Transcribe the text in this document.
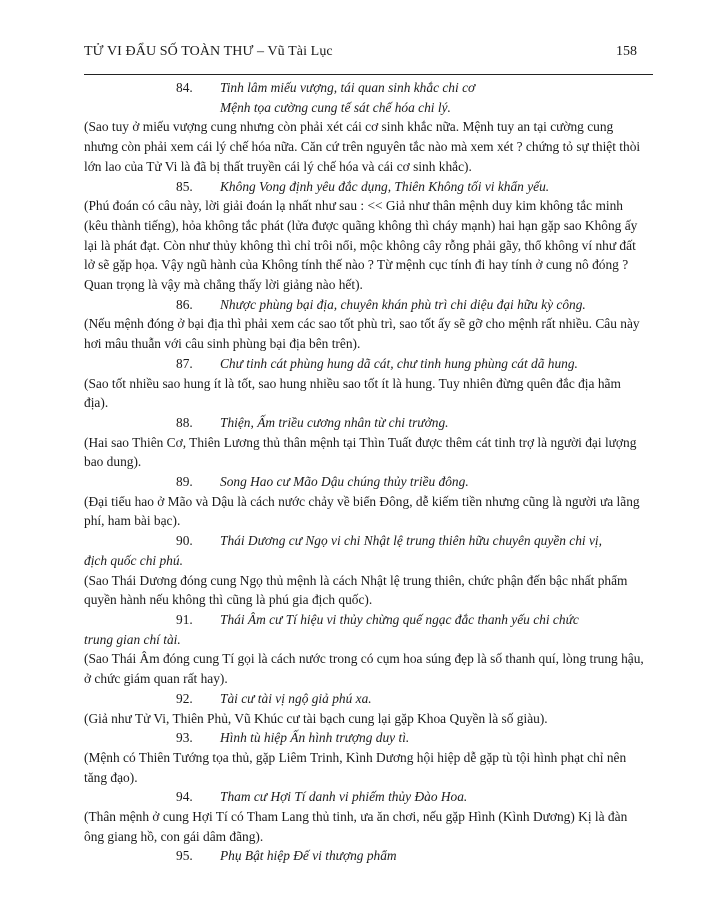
TỬ VI ĐẨU SỐ TOÀN THƯ – Vũ Tài Lục	158

84. Tinh lâm miếu vượng, tái quan sinh khắc chi cơ

Mệnh tọa cường cung tế sát chế hóa chi lý.

(Sao tuy ở miếu vượng cung nhưng còn phải xét cái cơ sinh khắc nữa. Mệnh tuy an tại cường cung nhưng còn phải xem cái lý chế hóa nữa. Căn cứ trên nguyên tắc nào mà xem xét ? chứng tỏ sự thiệt thòi lớn lao của Tử Vi là đã bị thất truyền cái lý chế hóa và cái cơ sinh khắc).

85. Không Vong định yêu đắc dụng, Thiên Không tối vi khẩn yếu.

(Phú đoán có câu này, lời giải đoán lạ nhất như sau : << Giả như thân mệnh duy kim không tắc minh (kêu thành tiếng), hỏa không tắc phát (lửa được quãng không thì cháy mạnh) hai hạn gặp sao Không ấy lại là phát đạt. Còn như thủy không thì chỉ trôi nổi, mộc không cây rỗng phải gãy, thổ không ví như đất lở sẽ gặp họa. Vậy ngũ hành của Không tính thế nào ? Từ mệnh cục tính đi hay tính ở cung nô đóng ? Quan trọng là vậy mà chẳng thấy lời giảng nào hết).

86. Nhược phùng bại địa, chuyên khán phù trì chi diệu đại hữu kỳ công.

(Nếu mệnh đóng ở bại địa thì phải xem các sao tốt phù trì, sao tốt ấy sẽ gỡ cho mệnh rất nhiều. Câu này hơi mâu thuẫn với câu sinh phùng bại địa bên trên).

87. Chư tinh cát phùng hung dã cát, chư tinh hung phùng cát dã hung.

(Sao tốt nhiều sao hung ít là tốt, sao hung nhiều sao tốt ít là hung. Tuy nhiên đừng quên đắc địa hãm địa).

88. Thiện, Ấm triều cương nhân từ chi trưởng.

(Hai sao Thiên Cơ, Thiên Lương thủ thân mệnh tại Thìn Tuất được thêm cát tinh trợ là người đại lượng bao dung).

89. Song Hao cư Mão Dậu chúng thủy triều đông.

(Đại tiểu hao ở Mão và Dậu là cách nước chảy về biển Đông, dễ kiếm tiền nhưng cũng là người ưa lãng phí, ham bài bạc).

90. Thái Dương cư Ngọ vi chi Nhật lệ trung thiên hữu chuyên quyền chi vị,

địch quốc chi phú.

(Sao Thái Dương đóng cung Ngọ thủ mệnh là cách Nhật lệ trung thiên, chức phận đến bậc nhất phẩm quyền hành nếu không thì cũng là phú gia địch quốc).

91. Thái Âm cư Tí hiệu vi thủy chừng quế ngạc đắc thanh yếu chi chức

trung gian chí tài.

(Sao Thái Âm đóng cung Tí gọi là cách nước trong có cụm hoa súng đẹp là số thanh quí, lòng trung hậu, ở chức giám quan rất hay).

92. Tài cư tài vị ngộ giả phú xa.

(Giả như Tử Vi, Thiên Phủ, Vũ Khúc cư tài bạch cung lại gặp Khoa Quyền là số giàu).

93. Hình tù hiệp Ấn hình trượng duy tì.

(Mệnh có Thiên Tướng tọa thủ, gặp Liêm Trinh, Kình Dương hội hiệp dễ gặp tù tội hình phạt chỉ nên tăng đạo).

94. Tham cư Hợi Tí danh vi phiếm thủy Đào Hoa.

(Thân mệnh ở cung Hợi Tí có Tham Lang thủ tinh, ưa ăn chơi, nếu gặp Hình (Kình Dương) Kị là đàn ông giang hồ, con gái dâm đãng).

95. Phụ Bật hiệp Đế vi thượng phẩm
